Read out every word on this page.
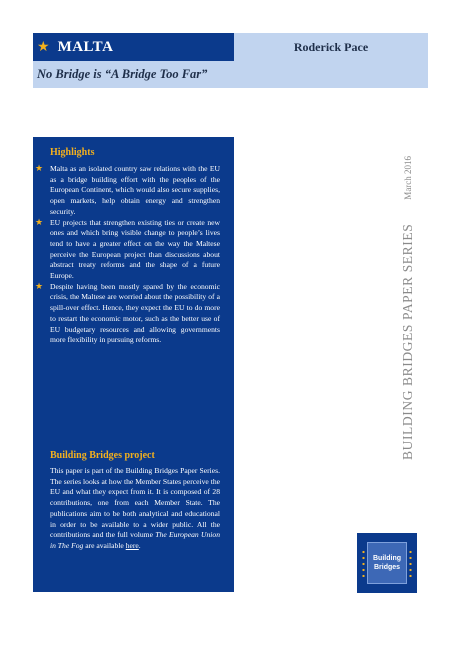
★ MALTA	Roderick Pace
No Bridge is “A Bridge Too Far”
Highlights
★ Malta as an isolated country saw relations with the EU as a bridge building effort with the peoples of the European Continent, which would also secure supplies, open markets, help obtain energy and strengthen security.
★ EU projects that strengthen existing ties or create new ones and which bring visible change to people’s lives tend to have a greater effect on the way the Maltese perceive the European project than discussions about abstract treaty reforms and the shape of a future Europe.
★ Despite having been mostly spared by the economic crisis, the Maltese are worried about the possibility of a spill-over effect. Hence, they expect the EU to do more to restart the economic motor, such as the better use of EU budgetary resources and allowing governments more flexibility in pursuing reforms.
Building Bridges project

This paper is part of the Building Bridges Paper Series. The series looks at how the Member States perceive the EU and what they expect from it. It is composed of 28 contributions, one from each Member State. The publications aim to be both analytical and educational in order to be available to a wider public. All the contributions and the full volume The European Union in The Fog are available here.

BUILDING BRIDGES PAPER SERIES
March 2016
Building
Bridges
